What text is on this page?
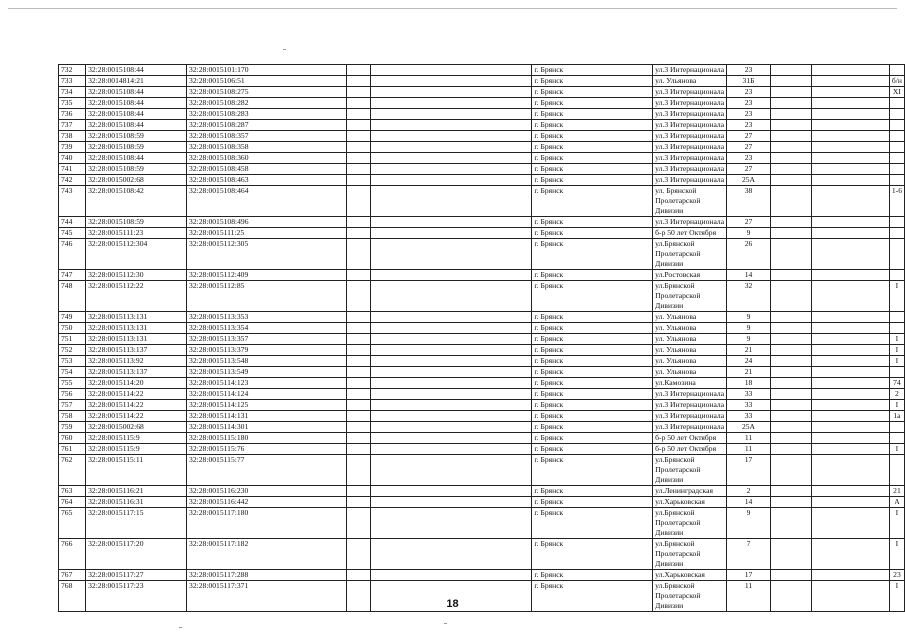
732	32:28:0015108:44	32:28:0015101:170			г. Брянск	ул.3 Интернационала	23			
733	32:28:0014814:21	32:28:0015106:51			г. Брянск	ул. Ульянова	31Б			б/н
734	32:28:0015108:44	32:28:0015108:275			г. Брянск	ул.3 Интернационала	23			XI
735	32:28:0015108:44	32:28:0015108:282			г. Брянск	ул.3 Интернационала	23			
736	32:28:0015108:44	32:28:0015108:283			г. Брянск	ул.3 Интернационала	23			
737	32:28:0015108:44	32:28:0015108:287			г. Брянск	ул.3 Интернационала	23			
738	32:28:0015108:59	32:28:0015108:357			г. Брянск	ул.3 Интернационала	27			
739	32:28:0015108:59	32:28:0015108:358			г. Брянск	ул.3 Интернационала	27			
740	32:28:0015108:44	32:28:0015108:360			г. Брянск	ул.3 Интернационала	23			
741	32:28:0015108:59	32:28:0015108:458			г. Брянск	ул.3 Интернационала	27			
742	32:28:0015002:68	32:28:0015108:463			г. Брянск	ул.3 Интернационала	25А			
743	32:28:0015108:42	32:28:0015108:464			г. Брянск	ул. Брянской Пролетарской Дивизии	38			1-6
744	32:28:0015108:59	32:28:0015108:496			г. Брянск	ул.3 Интернационала	27			
745	32:28:0015111:23	32:28:0015111:25			г. Брянск	б-р 50 лет Октября	9			
746	32:28:0015112:304	32:28:0015112:305			г. Брянск	ул.Брянской Пролетарской Дивизии	26			
747	32:28:0015112:30	32:28:0015112:409			г. Брянск	ул.Ростовская	14			
748	32:28:0015112:22	32:28:0015112:85			г. Брянск	ул.Брянской Пролетарской Дивизии	32			I
749	32:28:0015113:131	32:28:0015113:353			г. Брянск	ул. Ульянова	9			
750	32:28:0015113:131	32:28:0015113:354			г. Брянск	ул. Ульянова	9			
751	32:28:0015113:131	32:28:0015113:357			г. Брянск	ул. Ульянова	9			I
752	32:28:0015113:137	32:28:0015113:379			г. Брянск	ул. Ульянова	21			I
753	32:28:0015113:92	32:28:0015113:548			г. Брянск	ул. Ульянова	24			I
754	32:28:0015113:137	32:28:0015113:549			г. Брянск	ул. Ульянова	21			
755	32:28:0015114:20	32:28:0015114:123			г. Брянск	ул.Камозина	18			74
756	32:28:0015114:22	32:28:0015114:124			г. Брянск	ул.3 Интернационала	33			2
757	32:28:0015114:22	32:28:0015114:125			г. Брянск	ул.3 Интернационала	33			I
758	32:28:0015114:22	32:28:0015114:131			г. Брянск	ул.3 Интернационала	33			1а
759	32:28:0015002:68	32:28:0015114:301			г. Брянск	ул.3 Интернационала	25А			
760	32:28:0015115:9	32:28:0015115:180			г. Брянск	б-р 50 лет Октября	11			
761	32:28:0015115:9	32:28:0015115:76			г. Брянск	б-р 50 лет Октября	11			I
762	32:28:0015115:11	32:28:0015115:77			г. Брянск	ул.Брянской Пролетарской Дивизии	17			
763	32:28:0015116:21	32:28:0015116:230			г. Брянск	ул.Ленинградская	2			21
764	32:28:0015116:31	32:28:0015116:442			г. Брянск	ул.Харьковская	14			А
765	32:28:0015117:15	32:28:0015117:180			г. Брянск	ул.Брянской Пролетарской Дивизии	9			I
766	32:28:0015117:20	32:28:0015117:182			г. Брянск	ул.Брянской Пролетарской Дивизии	7			I
767	32:28:0015117:27	32:28:0015117:288			г. Брянск	ул.Харьковская	17			23
768	32:28:0015117:23	32:28:0015117:371			г. Брянск	ул.Брянской Пролетарской Дивизии	11			I
18
